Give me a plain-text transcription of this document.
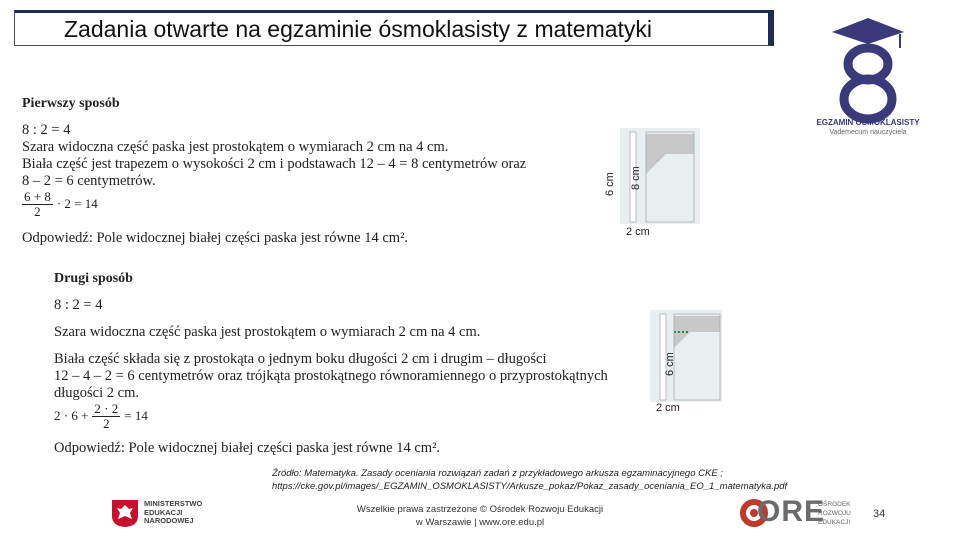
Zadania otwarte na egzaminie ósmoklasisty z matematyki
EGZAMIN ÓSMOKLASISTY
Vademecum nauczyciela
Pierwszy sposób
8 : 2 = 4
Szara widoczna część paska jest prostokątem o wymiarach 2 cm na 4 cm.
Biała część jest trapezem o wysokości 2 cm i podstawach 12 – 4 = 8 centymetrów oraz
8 – 2 = 6 centymetrów.
$\frac{6 + 8}{2} \cdot 2 = 14$
Odpowiedź: Pole widocznej białej części paska jest równe 14 cm².
·
6 cm 8 cm
2 cm
Drugi sposób
8 : 2 = 4
Szara widoczna część paska jest prostokątem o wymiarach 2 cm na 4 cm.
Biała część składa się z prostokąta o jednym boku długości 2 cm i drugim – długości
12 – 4 – 2 = 6 centymetrów oraz trójkąta prostokątnego równoramiennego o przyprostokątnych
długości 2 cm.
$2 \cdot 6 + \frac{2 \cdot 2}{2} = 14$
Odpowiedź: Pole widocznej białej części paska jest równe 14 cm².
6 cm
2 cm
Źródło: Matematyka. Zasady oceniania rozwiązań zadań z przykładowego arkusza egzaminacyjnego CKE ;
https://cke.gov.pl/images/_EGZAMIN_OSMOKLASISTY/Arkusze_pokaz/Pokaz_zasady_oceniania_EO_1_matematyka.pdf
MINISTERSTWO
EDUKACJI
NARODOWEJ
Wszelkie prawa zastrzeżone © Ośrodek Rozwoju Edukacji
w Warszawie | www.ore.edu.pl	ORE
OŚRODEK
ROZWOJU
EDUKACJI
34
